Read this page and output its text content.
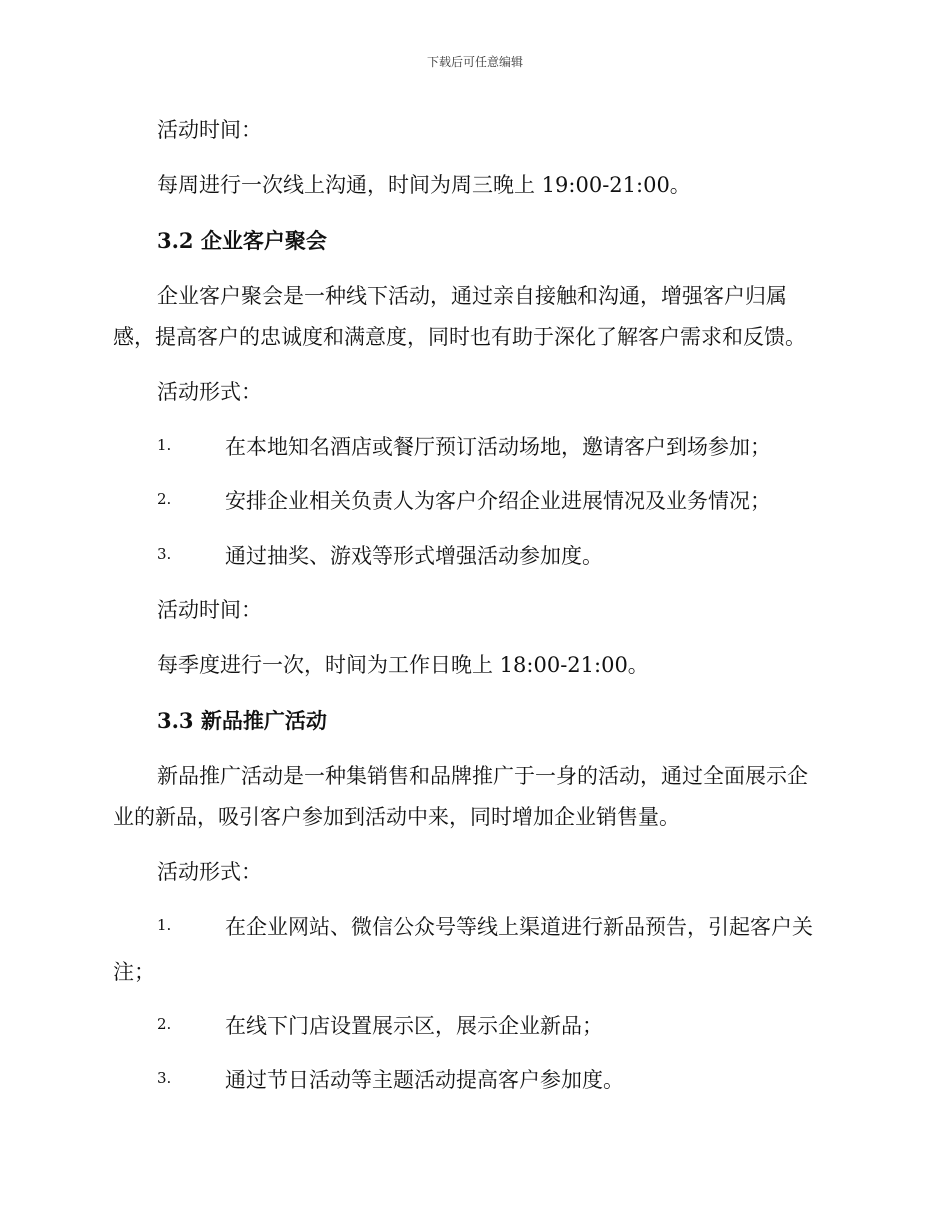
下载后可任意编辑
活动时间：
每周进行一次线上沟通，时间为周三晚上 19:00-21:00。
3.2 企业客户聚会
企业客户聚会是一种线下活动，通过亲自接触和沟通，增强客户归属
感，提高客户的忠诚度和满意度，同时也有助于深化了解客户需求和反馈。
活动形式：
1.	在本地知名酒店或餐厅预订活动场地，邀请客户到场参加；
2.	安排企业相关负责人为客户介绍企业进展情况及业务情况；
3.	通过抽奖、游戏等形式增强活动参加度。
活动时间：
每季度进行一次，时间为工作日晚上 18:00-21:00。
3.3 新品推广活动
新品推广活动是一种集销售和品牌推广于一身的活动，通过全面展示企
业的新品，吸引客户参加到活动中来，同时增加企业销售量。
活动形式：
1.	在企业网站、微信公众号等线上渠道进行新品预告，引起客户关
注；
2.	在线下门店设置展示区，展示企业新品；
3.	通过节日活动等主题活动提高客户参加度。
